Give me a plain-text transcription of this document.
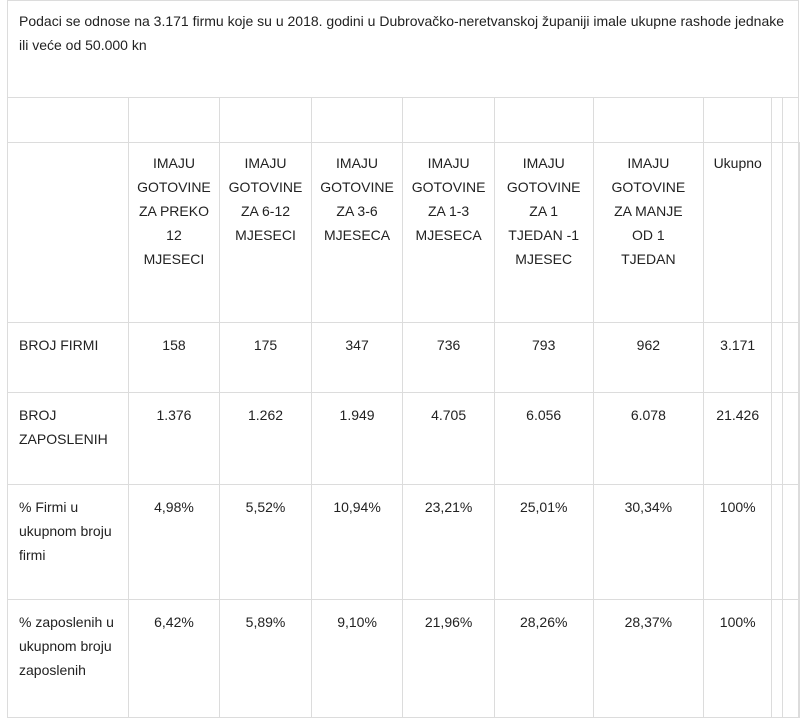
Podaci se odnose na 3.171 firmu koje su u 2018. godini u Dubrovačko-neretvanskoj županiji imale ukupne rashode jednake ili veće od 50.000 kn										

	IMAJU GOTOVINE ZA PREKO 12 MJESECI	IMAJU GOTOVINE ZA 6-12 MJESECI	IMAJU GOTOVINE ZA 3-6 MJESECA	IMAJU GOTOVINE ZA 1-3 MJESECA	IMAJU GOTOVINE ZA 1 TJEDAN -1 MJESEC	IMAJU GOTOVINE ZA MANJE OD 1 TJEDAN	Ukupno			

BROJ FIRMI	158	175	347	736	793	962	3.171			
BROJ ZAPOSLENIH	1.376	1.262	1.949	4.705	6.056	6.078	21.426			
% Firmi u ukupnom broju firmi	4,98%	5,52%	10,94%	23,21%	25,01%	30,34%	100%			
% zaposlenih u ukupnom broju zaposlenih	6,42%	5,89%	9,10%	21,96%	28,26%	28,37%	100%			
